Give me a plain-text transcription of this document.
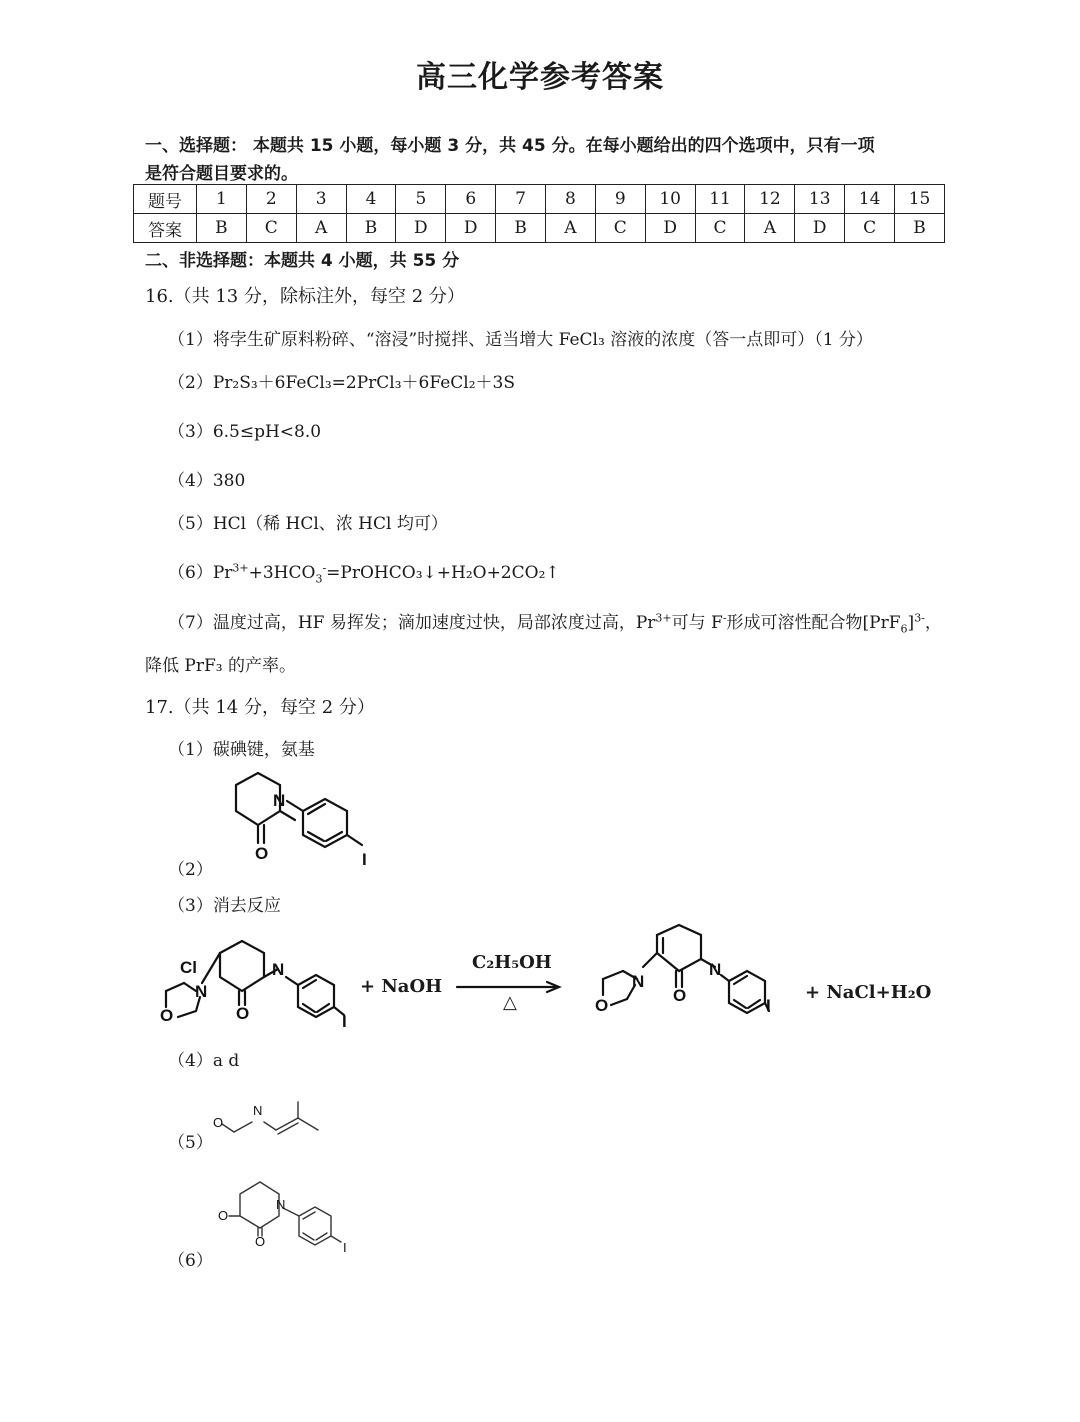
高三化学参考答案
一、选择题： 本题共 15 小题，每小题 3 分，共 45 分。在每小题给出的四个选项中，只有一项
是符合题目要求的。
题号	1	2	3	4	5	6	7	8	9	10	11	12	13	14	15
答案	B	C	A	B	D	D	B	A	C	D	C	A	D	C	B
二、非选择题：本题共 4 小题，共 55 分
16.（共 13 分，除标注外，每空 2 分）
（1）将孛生矿原料粉碎、“溶浸”时搅拌、适当增大 FeCl₃ 溶液的浓度（答一点即可）（1 分）
（2）Pr₂S₃＋6FeCl₃=2PrCl₃＋6FeCl₂＋3S
（3）6.5≤pH<8.0
（4）380
（5）HCl（稀 HCl、浓 HCl 均可）
$(6)Pr^{3+}+3HCO_3^-=PrOHCO_3↓+H_2O+2CO_2↑$
（7）温度过高，HF 易挥发；滴加速度过快，局部浓度过高，$Pr^{3+}$可与 F-形成可溶性配合物$[PrF_6]^{3-}$，
降低 PrF₃ 的产率。
17.（共 14 分，每空 2 分）
（1）碳碘键，氨基
N
O	I
（2）
（3）消去反应
Cl
N
O
N
O	I
+ NaOH
C₂H₅OH
△
N
O
N
O
I
+ NaCl+H₂O
（4）a d
O
N
（5）
O
O
N
I
（6）
